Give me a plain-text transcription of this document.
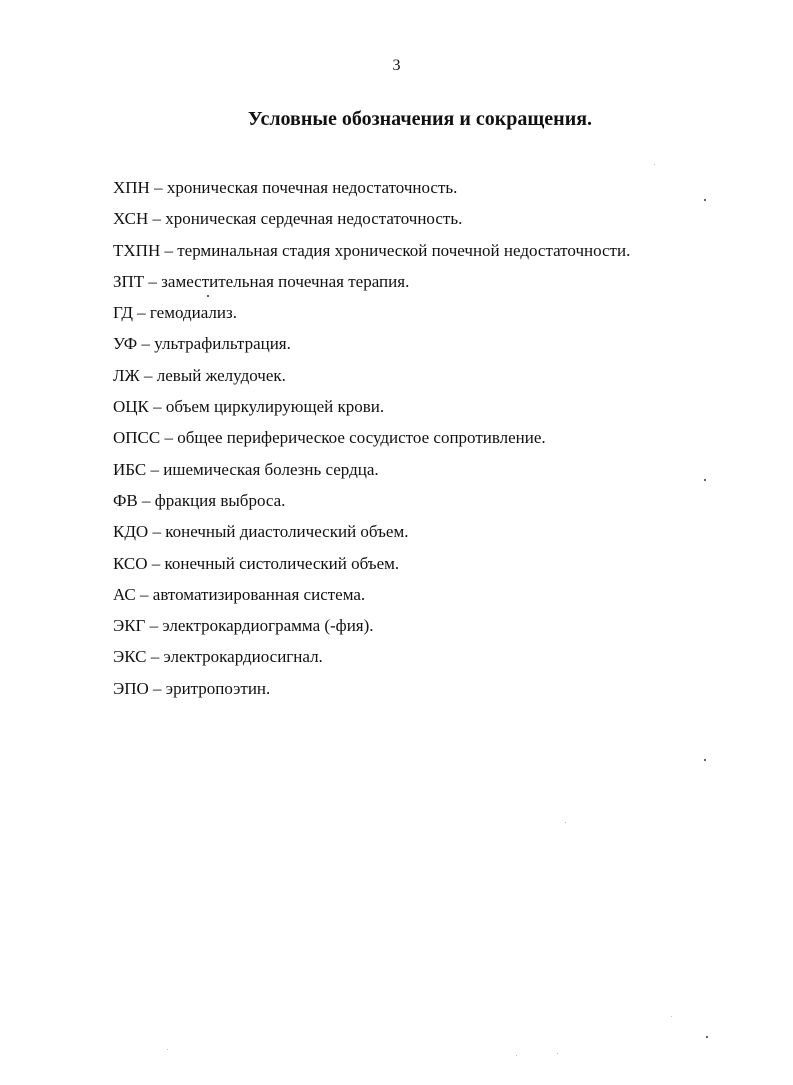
3
Условные обозначения и сокращения.
ХПН – хроническая почечная недостаточность.
ХСН – хроническая сердечная недостаточность.
ТХПН – терминальная стадия хронической почечной недостаточности.
ЗПТ – заместительная почечная терапия.
ГД – гемодиализ.
УФ – ультрафильтрация.
ЛЖ – левый желудочек.
ОЦК – объем циркулирующей крови.
ОПСС – общее периферическое сосудистое сопротивление.
ИБС – ишемическая болезнь сердца.
ФВ – фракция выброса.
КДО – конечный диастолический объем.
КСО – конечный систолический объем.
АС – автоматизированная система.
ЭКГ – электрокардиограмма (-фия).
ЭКС – электрокардиосигнал.
ЭПО – эритропоэтин.
